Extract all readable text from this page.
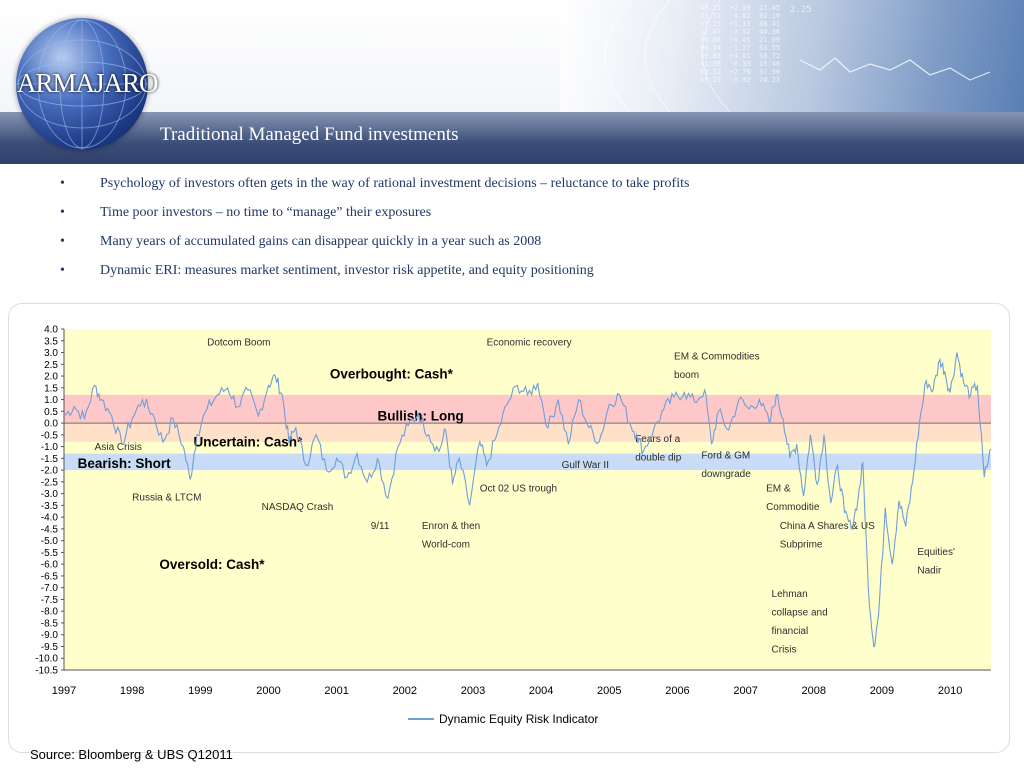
48.21  +2.09  17.45
33.91  -0.82  92.10
57.25  +1.13  88.41
12.07  -3.52  44.36
76.88  +0.45  21.09
90.14  -1.27  63.55
29.63  +4.01  58.72
41.36  -0.33  15.48
83.52  +2.76  37.90
65.19  -0.92  74.23
2.25
ARMAJARO
Traditional Managed Fund investments
•	Psychology of investors often gets in the way of rational investment decisions – reluctance to take profits
•	Time poor investors – no time to “manage” their exposures
•	Many years of accumulated gains can disappear quickly in a year such as 2008
•	Dynamic ERI: measures market sentiment, investor risk appetite, and equity positioning
4.0
3.5
3.0
2.5
2.0
1.5
1.0
0.5
0.0
-0.5
-1.0
-1.5
-2.0
-2.5
-3.0
-3.5
-4.0
-4.5
-5.0
-5.5
-6.0
-6.5
-7.0
-7.5
-8.0
-8.5
-9.0
-9.5
-10.0
-10.5
1997	1998	1999	2000	2001	2002	2003	2004	2005	2006	2007	2008	2009	2010
Overbought: Cash*
Bullish: Long
Uncertain: Cash*
Bearish: Short
Oversold: Cash*
Dotcom Boom	Economic recovery
EM & Commodities
boom
Asia Crisis
Russia & LTCM
NASDAQ Crash
9/11	Enron & then
World-com
Oct 02 US trough
Gulf War II
Fears of a
double dip Ford & GM
downgrade
EM &
Commoditie
China A Shares & US
Subprime
Equities'
Nadir
Lehman
collapse and
financial
Crisis
Dynamic Equity Risk Indicator
Source: Bloomberg & UBS Q12011
